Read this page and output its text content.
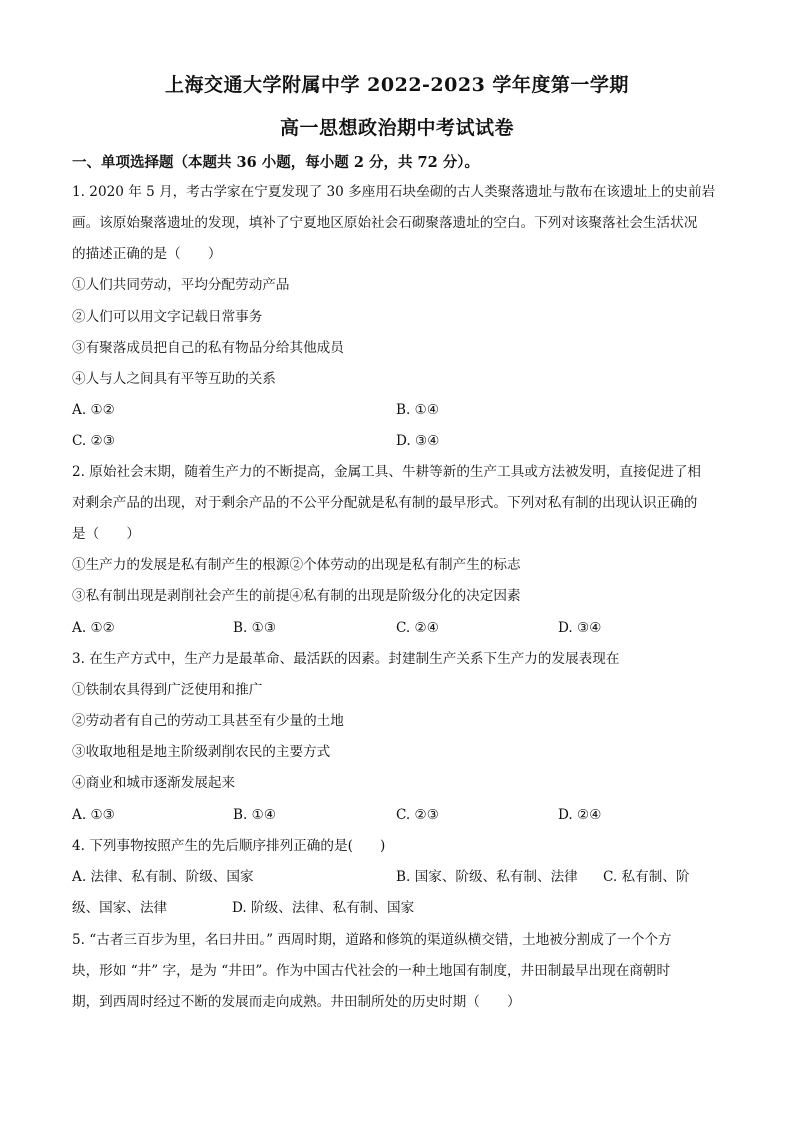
上海交通大学附属中学 2022-2023 学年度第一学期
高一思想政治期中考试试卷
一、单项选择题（本题共 36 小题，每小题 2 分，共 72 分）。
1. 2020 年 5 月，考古学家在宁夏发现了 30 多座用石块垒砌的古人类聚落遗址与散布在该遗址上的史前岩
画。该原始聚落遗址的发现，填补了宁夏地区原始社会石砌聚落遗址的空白。下列对该聚落社会生活状况
的描述正确的是（　　）
①人们共同劳动，平均分配劳动产品
②人们可以用文字记载日常事务
③有聚落成员把自己的私有物品分给其他成员
④人与人之间具有平等互助的关系
A. ①②	B. ①④
C. ②③	D. ③④
2. 原始社会末期，随着生产力的不断提高，金属工具、牛耕等新的生产工具或方法被发明，直接促进了相
对剩余产品的出现，对于剩余产品的不公平分配就是私有制的最早形式。下列对私有制的出现认识正确的
是（　　）
①生产力的发展是私有制产生的根源②个体劳动的出现是私有制产生的标志
③私有制出现是剥削社会产生的前提④私有制的出现是阶级分化的决定因素
A. ①②	B. ①③	C. ②④	D. ③④
3. 在生产方式中，生产力是最革命、最活跃的因素。封建制生产关系下生产力的发展表现在
①铁制农具得到广泛使用和推广
②劳动者有自己的劳动工具甚至有少量的土地
③收取地租是地主阶级剥削农民的主要方式
④商业和城市逐渐发展起来
A. ①③	B. ①④	C. ②③	D. ②④
4. 下列事物按照产生的先后顺序排列正确的是(　　)
A. 法律、私有制、阶级、国家	B. 国家、阶级、私有制、法律 C. 私有制、阶
级、国家、法律	D. 阶级、法律、私有制、国家
5. “古者三百步为里，名曰井田。” 西周时期，道路和修筑的渠道纵横交错，土地被分割成了一个个方
块，形如 “井” 字，是为 “井田”。作为中国古代社会的一种土地国有制度，井田制最早出现在商朝时
期，到西周时经过不断的发展而走向成熟。井田制所处的历史时期（　　）
